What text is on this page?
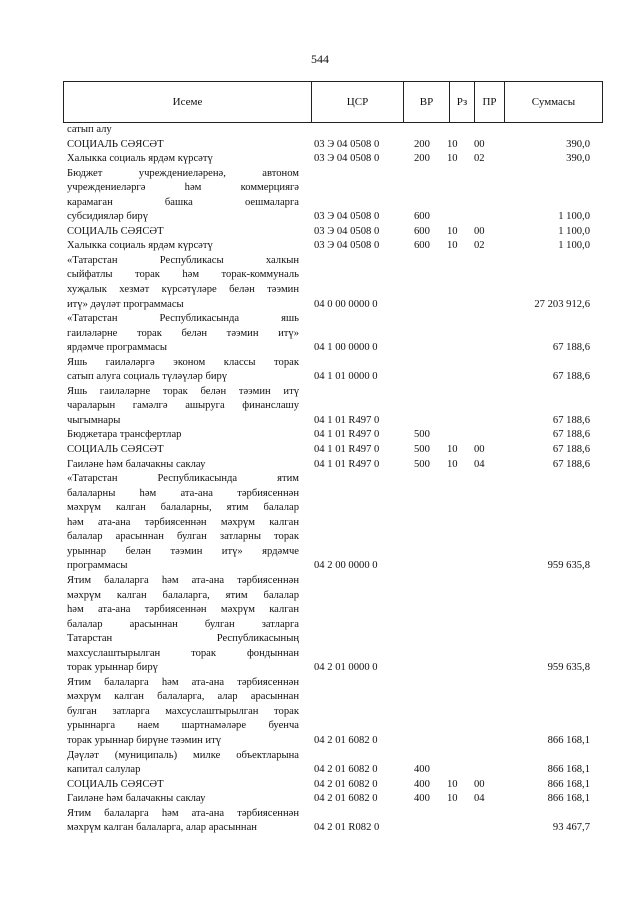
544
Исеме	ЦСР	ВР	Рз	ПР	Суммасы
сатып алу
СОЦИАЛЬ СӘЯСӘТ	03 Э 04 0508 0	200 10 00	390,0
Халыкка социаль ярдәм күрсәтү	03 Э 04 0508 0	200 10 02	390,0
Бюджет учреждениеләренә, автоном
учреждениеләргә һәм коммерциягә
карамаган башка оешмаларга
субсидияләр бирү	03 Э 04 0508 0	600	1 100,0
СОЦИАЛЬ СӘЯСӘТ	03 Э 04 0508 0	600 10 00	1 100,0
Халыкка социаль ярдәм күрсәтү	03 Э 04 0508 0	600 10 02	1 100,0
«Татарстан Республикасы халкын
сыйфатлы торак һәм торак-коммуналь
хуҗалык хезмәт күрсәтүләре белән тәэмин
итү» дәүләт программасы	04 0 00 0000 0	27 203 912,6
«Татарстан Республикасында яшь
гаиләләрне торак белән тәэмин итү»
ярдәмче программасы	04 1 00 0000 0	67 188,6
Яшь гаиләләргә эконом классы торак
сатып алуга социаль түләүләр бирү	04 1 01 0000 0	67 188,6
Яшь гаиләләрне торак белән тәэмин итү
чараларын гамәлгә ашыруга финанслашу
чыгымнары	04 1 01 R497 0	67 188,6
Бюджетара трансфертлар	04 1 01 R497 0	500	67 188,6
СОЦИАЛЬ СӘЯСӘТ	04 1 01 R497 0	500 10 00	67 188,6
Гаиләне һәм балачакны саклау	04 1 01 R497 0	500 10 04	67 188,6
«Татарстан Республикасында ятим
балаларны һәм ата-ана тәрбиясеннән
мәхрүм калган балаларны, ятим балалар
һәм ата-ана тәрбиясеннән мәхрүм калган
балалар арасыннан булган затларны торак
урыннар белән тәэмин итү» ярдәмче
программасы	04 2 00 0000 0	959 635,8
Ятим балаларга һәм ата-ана тәрбиясеннән
мәхрүм калган балаларга, ятим балалар
һәм ата-ана тәрбиясеннән мәхрүм калган
балалар арасыннан булган затларга
Татарстан Республикасының
махсуслаштырылган торак фондыннан
торак урыннар бирү	04 2 01 0000 0	959 635,8
Ятим балаларга һәм ата-ана тәрбиясеннән
мәхрүм калган балаларга, алар арасыннан
булган затларга махсуслаштырылган торак
урыннарга наем шартнамәләре буенча
торак урыннар бирүне тәэмин итү	04 2 01 6082 0	866 168,1
Дәүләт (муниципаль) милке объектларына
капитал салулар	04 2 01 6082 0	400	866 168,1
СОЦИАЛЬ СӘЯСӘТ	04 2 01 6082 0	400 10 00	866 168,1
Гаиләне һәм балачакны саклау	04 2 01 6082 0	400 10 04	866 168,1
Ятим балаларга һәм ата-ана тәрбиясеннән
мәхрүм калган балаларга, алар арасыннан	04 2 01 R082 0	93 467,7
